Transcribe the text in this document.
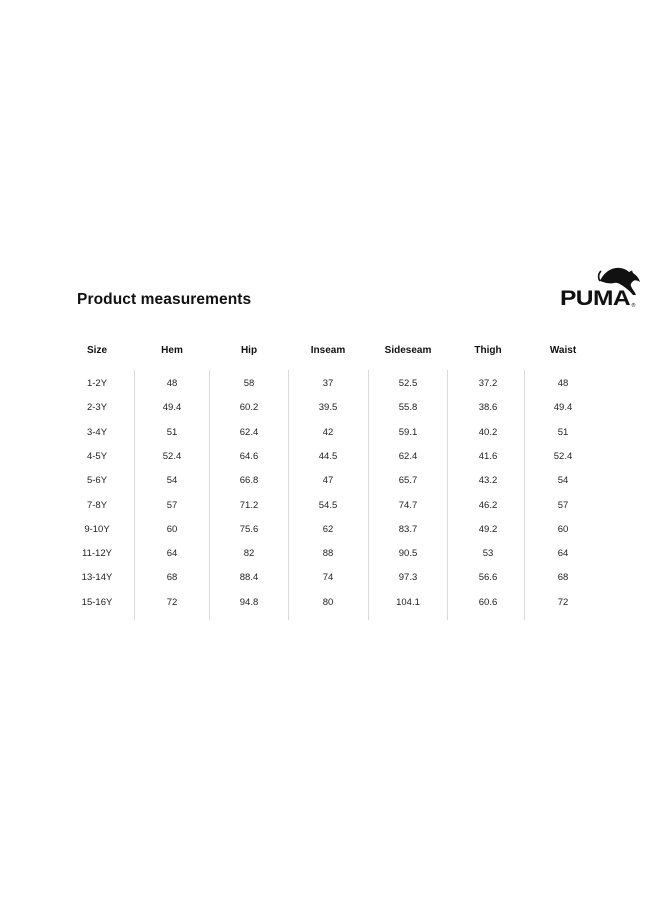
Product measurements	PUMA ®
Size	Hem	Hip	Inseam	Sideseam	Thigh	Waist
1-2Y	48	58	37	52.5	37.2	48
2-3Y	49.4	60.2	39.5	55.8	38.6	49.4
3-4Y	51	62.4	42	59.1	40.2	51
4-5Y	52.4	64.6	44.5	62.4	41.6	52.4
5-6Y	54	66.8	47	65.7	43.2	54
7-8Y	57	71.2	54.5	74.7	46.2	57
9-10Y	60	75.6	62	83.7	49.2	60
11-12Y	64	82	88	90.5	53	64
13-14Y	68	88.4	74	97.3	56.6	68
15-16Y	72	94.8	80	104.1	60.6	72
